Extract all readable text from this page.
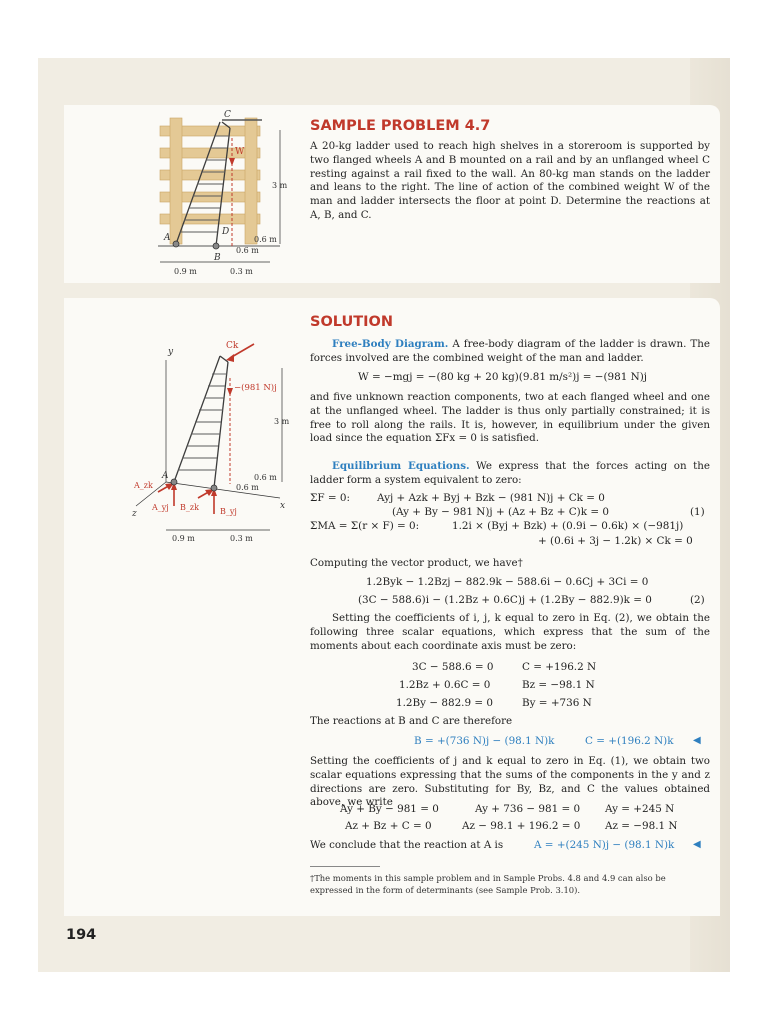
C
W
A
B
D
3 m
0.6 m
0.6 m
0.9 m	0.3 m
SAMPLE PROBLEM 4.7

A 20-kg ladder used to reach high shelves in a storeroom is supported by two flanged wheels A and B mounted on a rail and by an unflanged wheel C resting against a rail fixed to the wall. An 80-kg man stands on the ladder and leans to the right. The line of action of the combined weight W of the man and ladder intersects the floor at point D. Determine the reactions at A, B, and C.

Ck
y
−(981 N)j
3 m
A
A_zk
A_yj B_zk	B_yj
0.6 m
0.6 m
z
x
0.9 m	0.3 m
SOLUTION

Free-Body Diagram. A free-body diagram of the ladder is drawn. The forces involved are the combined weight of the man and ladder.

W = −mgj = −(80 kg + 20 kg)(9.81 m/s²)j = −(981 N)j

and five unknown reaction components, two at each flanged wheel and one at the unflanged wheel. The ladder is thus only partially constrained; it is free to roll along the rails. It is, however, in equilibrium under the given load since the equation ΣFx = 0 is satisfied.

Equilibrium Equations. We express that the forces acting on the ladder form a system equivalent to zero:

ΣF = 0:	Ayj + Azk + Byj + Bzk − (981 N)j + Ck = 0
(Ay + By − 981 N)j + (Az + Bz + C)k = 0	(1)
ΣMA = Σ(r × F) = 0:	1.2i × (Byj + Bzk) + (0.9i − 0.6k) × (−981j)
+ (0.6i + 3j − 1.2k) × Ck = 0

Computing the vector product, we have†

1.2Byk − 1.2Bzj − 882.9k − 588.6i − 0.6Cj + 3Ci = 0
(3C − 588.6)i − (1.2Bz + 0.6C)j + (1.2By − 882.9)k = 0	(2)

Setting the coefficients of i, j, k equal to zero in Eq. (2), we obtain the following three scalar equations, which express that the sum of the moments about each coordinate axis must be zero:

3C − 588.6 = 0	C = +196.2 N
1.2Bz + 0.6C = 0	Bz = −98.1 N
1.2By − 882.9 = 0	By = +736 N

The reactions at B and C are therefore

B = +(736 N)j − (98.1 N)k	C = +(196.2 N)k ◀

Setting the coefficients of j and k equal to zero in Eq. (1), we obtain two scalar equations expressing that the sums of the components in the y and z directions are zero. Substituting for By, Bz, and C the values obtained above, we write

Ay + By − 981 = 0	Ay + 736 − 981 = 0 Ay = +245 N
Az + Bz + C = 0	Az − 98.1 + 196.2 = 0 Az = −98.1 N

We conclude that the reaction at A is	A = +(245 N)j − (98.1 N)k ◀

†The moments in this sample problem and in Sample Probs. 4.8 and 4.9 can also be expressed in the form of determinants (see Sample Prob. 3.10).

194
